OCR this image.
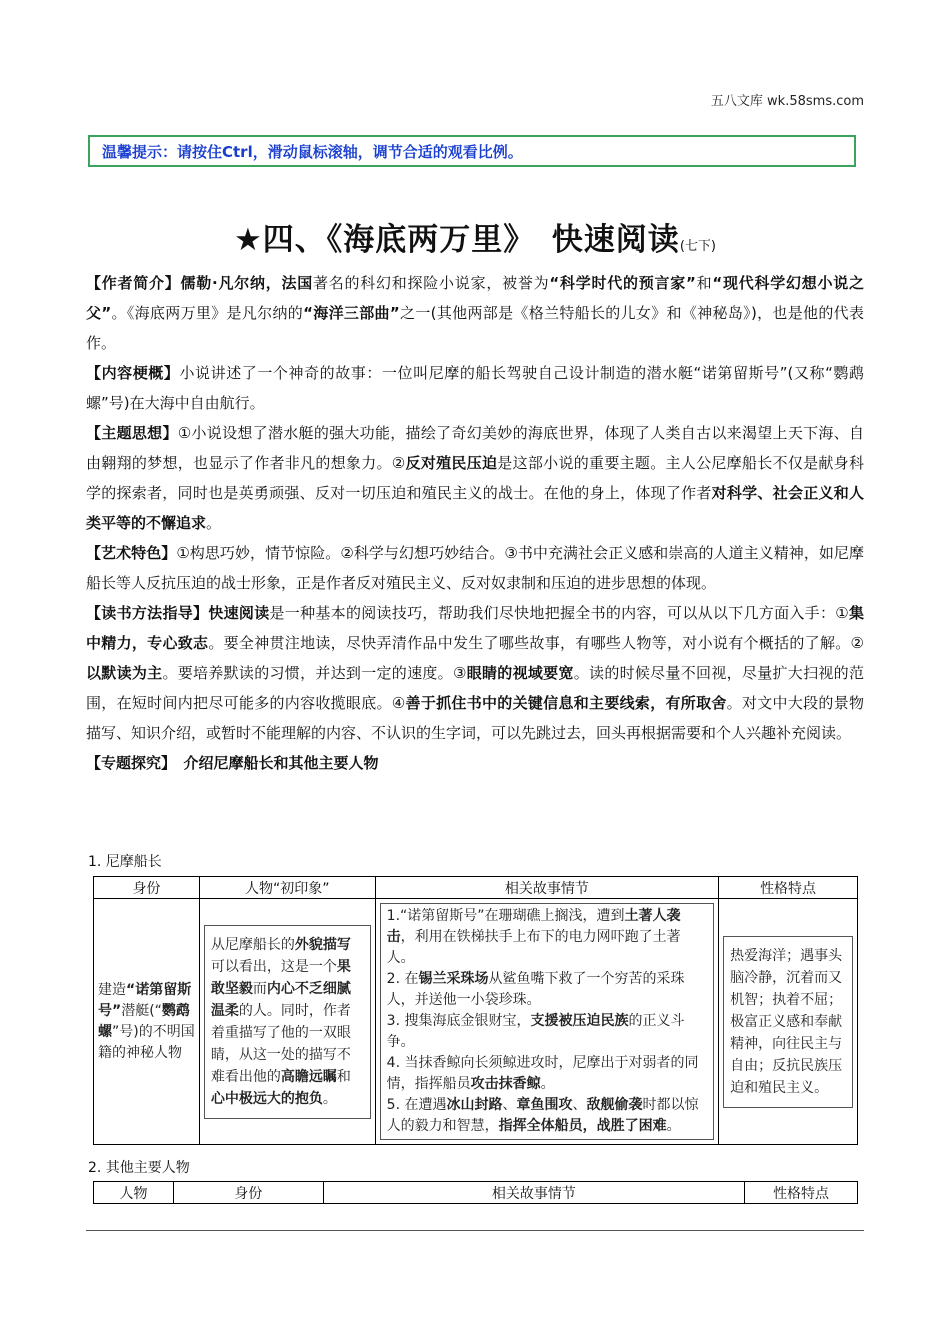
五八文库 wk.58sms.com
温馨提示：请按住Ctrl，滑动鼠标滚轴，调节合适的观看比例。
★四、《海底两万里》　快速阅读(七下)

【作者简介】儒勒·凡尔纳，法国著名的科幻和探险小说家，被誉为“科学时代的预言家”和“现代科学幻想小说之父”。《海底两万里》是凡尔纳的“海洋三部曲”之一(其他两部是《格兰特船长的儿女》和《神秘岛》)，也是他的代表作。

【内容梗概】小说讲述了一个神奇的故事：一位叫尼摩的船长驾驶自己设计制造的潜水艇“诺第留斯号”(又称“鹦鹉螺”号)在大海中自由航行。

【主题思想】①小说设想了潜水艇的强大功能，描绘了奇幻美妙的海底世界，体现了人类自古以来渴望上天下海、自由翱翔的梦想，也显示了作者非凡的想象力。②反对殖民压迫是这部小说的重要主题。主人公尼摩船长不仅是献身科学的探索者，同时也是英勇顽强、反对一切压迫和殖民主义的战士。在他的身上，体现了作者对科学、社会正义和人类平等的不懈追求。

【艺术特色】①构思巧妙，情节惊险。②科学与幻想巧妙结合。③书中充满社会正义感和崇高的人道主义精神，如尼摩船长等人反抗压迫的战士形象，正是作者反对殖民主义、反对奴隶制和压迫的进步思想的体现。

【读书方法指导】快速阅读是一种基本的阅读技巧，帮助我们尽快地把握全书的内容，可以从以下几方面入手：①集中精力，专心致志。要全神贯注地读，尽快弄清作品中发生了哪些故事，有哪些人物等，对小说有个概括的了解。②以默读为主。要培养默读的习惯，并达到一定的速度。③眼睛的视域要宽。读的时候尽量不回视，尽量扩大扫视的范围，在短时间内把尽可能多的内容收揽眼底。④善于抓住书中的关键信息和主要线索，有所取舍。对文中大段的景物描写、知识介绍，或暂时不能理解的内容、不认识的生字词，可以先跳过去，回头再根据需要和个人兴趣补充阅读。

【专题探究】　介绍尼摩船长和其他主要人物

1. 尼摩船长
身份	人物“初印象”	相关故事情节	性格特点
建造“诺第留斯号”潜艇(“鹦鹉螺”号)的不明国籍的神秘人物	从尼摩船长的外貌描写可以看出，这是一个果敢坚毅而内心不乏细腻温柔的人。同时，作者着重描写了他的一双眼睛，从这一处的描写不难看出他的高瞻远瞩和心中极远大的抱负。	1.“诺第留斯号”在珊瑚礁上搁浅，遭到土著人袭击，利用在铁梯扶手上布下的电力网吓跑了土著人。
2. 在锡兰采珠场从鲨鱼嘴下救了一个穷苦的采珠人，并送他一小袋珍珠。
3. 搜集海底金银财宝，支援被压迫民族的正义斗争。
4. 当抹香鲸向长须鲸进攻时，尼摩出于对弱者的同情，指挥船员攻击抹香鲸。
5. 在遭遇冰山封路、章鱼围攻、敌舰偷袭时都以惊人的毅力和智慧，指挥全体船员，战胜了困难。	热爱海洋；遇事头脑冷静，沉着而又机智；执着不屈；极富正义感和奉献精神，向往民主与自由；反抗民族压迫和殖民主义。
2. 其他主要人物
人物	身份	相关故事情节	性格特点
